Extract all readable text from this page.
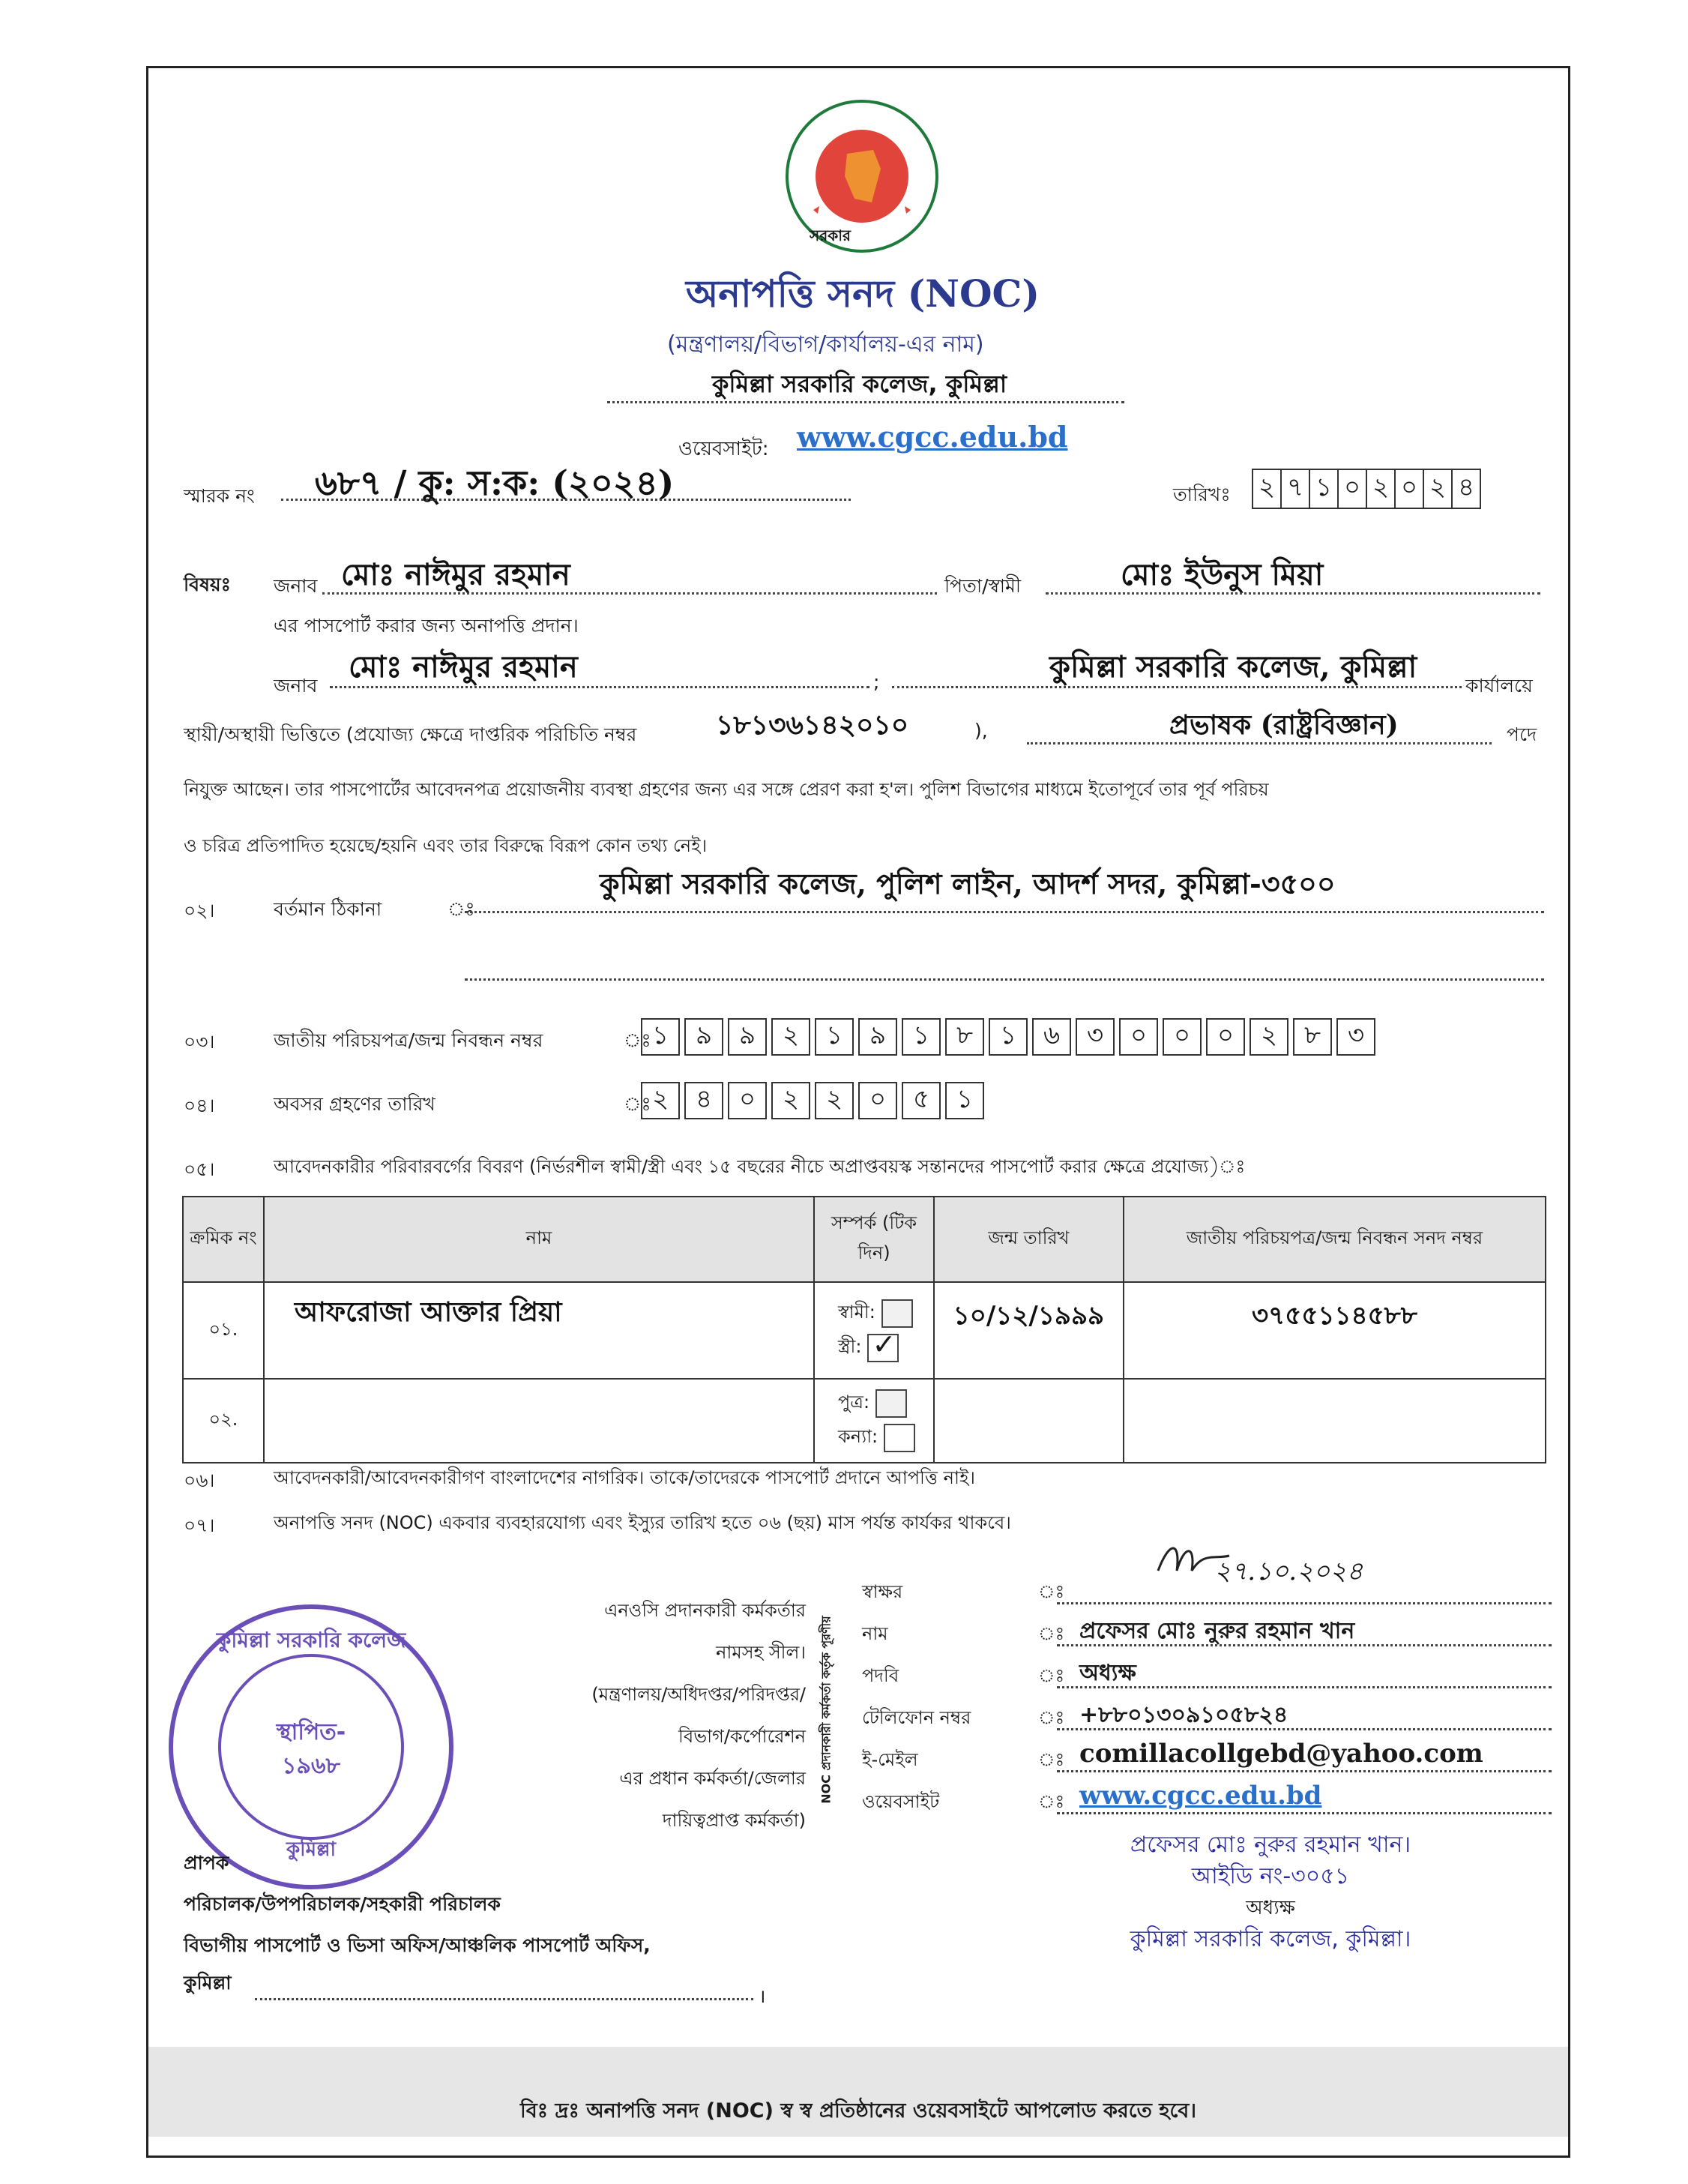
সরকার
অনাপত্তি সনদ (NOC)
(মন্ত্রণালয়/বিভাগ/কার্যালয়-এর নাম)
কুমিল্লা সরকারি কলেজ, কুমিল্লা
ওয়েবসাইট: www.cgcc.edu.bd
স্মারক নং ৬৮৭ / কু: স:ক: (২০২৪)	তারিখঃ ২ ৭ ১ ০ ২ ০ ২ ৪
বিষয়ঃ জনাব মোঃ নাঈমুর রহমান	পিতা/স্বামী	মোঃ ইউনুস মিয়া
এর পাসপোর্ট করার জন্য অনাপত্তি প্রদান।
জনাব
মোঃ নাঈমুর রহমান	;	কুমিল্লা সরকারি কলেজ, কুমিল্লা
কার্যালয়ে
স্থায়ী/অস্থায়ী ভিত্তিতে (প্রযোজ্য ক্ষেত্রে দাপ্তরিক পরিচিতি নম্বর	১৮১৩৬১৪২০১০	),	প্রভাষক (রাষ্ট্রবিজ্ঞান)	পদে
নিযুক্ত আছেন। তার পাসপোর্টের আবেদনপত্র প্রয়োজনীয় ব্যবস্থা গ্রহণের জন্য এর সঙ্গে প্রেরণ করা হ'ল। পুলিশ বিভাগের মাধ্যমে ইতোপূর্বে তার পূর্ব পরিচয়
ও চরিত্র প্রতিপাদিত হয়েছে/হয়নি এবং তার বিরুদ্ধে বিরূপ কোন তথ্য নেই।
০২।	বর্তমান ঠিকানা	ঃ
কুমিল্লা সরকারি কলেজ, পুলিশ লাইন, আদর্শ সদর, কুমিল্লা-৩৫০০
০৩।	জাতীয় পরিচয়পত্র/জন্ম নিবন্ধন নম্বর	ঃ ১	৯	৯	২	১	৯	১	৮	১	৬	৩	০	০	০	২	৮	৩
০৪।	অবসর গ্রহণের তারিখ	ঃ ২	৪	০	২	২	০	৫	১
০৫।	আবেদনকারীর পরিবারবর্গের বিবরণ (নির্ভরশীল স্বামী/স্ত্রী এবং ১৫ বছরের নীচে অপ্রাপ্তবয়স্ক সন্তানদের পাসপোর্ট করার ক্ষেত্রে প্রযোজ্য)ঃ
ক্রমিক নং	নাম	সম্পর্ক (টিক দিন)	জন্ম তারিখ	জাতীয় পরিচয়পত্র/জন্ম নিবন্ধন সনদ নম্বর
০১.	আফরোজা আক্তার প্রিয়া	স্বামী:
স্ত্রী: ✓	১০/১২/১৯৯৯	৩৭৫৫১১৪৫৮৮
০২.		পুত্র:
কন্যা:		

০৬।	আবেদনকারী/আবেদনকারীগণ বাংলাদেশের নাগরিক। তাকে/তাদেরকে পাসপোর্ট প্রদানে আপত্তি নাই।
০৭।	অনাপত্তি সনদ (NOC) একবার ব্যবহারযোগ্য এবং ইস্যুর তারিখ হতে ০৬ (ছয়) মাস পর্যন্ত কার্যকর থাকবে।
এনওসি প্রদানকারী কর্মকর্তার
নামসহ সীল।
(মন্ত্রণালয়/অধিদপ্তর/পরিদপ্তর/
বিভাগ/কর্পোরেশন
এর প্রধান কর্মকর্তা/জেলার
দায়িত্বপ্রাপ্ত কর্মকর্তা)
NOC প্রদানকারী কর্মকর্তা কর্তৃক পূরণীয়
স্বাক্ষর	ঃ
নাম	ঃ প্রফেসর মোঃ নুরুর রহমান খান
পদবি	ঃ অধ্যক্ষ
টেলিফোন নম্বর	ঃ +৮৮০১৩০৯১০৫৮২৪
ই-মেইল	ঃ comillacollgebd@yahoo.com
ওয়েবসাইট	ঃ www.cgcc.edu.bd
২৭.১০.২০২৪
কুমিল্লা সরকারি কলেজ
স্থাপিত-
১৯৬৮
কুমিল্লা	প্রফেসর মোঃ নুরুর রহমান খান।
আইডি নং-৩০৫১
অধ্যক্ষ
কুমিল্লা সরকারি কলেজ, কুমিল্লা।
প্রাপক
পরিচালক/উপপরিচালক/সহকারী পরিচালক
বিভাগীয় পাসপোর্ট ও ভিসা অফিস/আঞ্চলিক পাসপোর্ট অফিস,
কুমিল্লা
।
বিঃ দ্রঃ অনাপত্তি সনদ (NOC) স্ব স্ব প্রতিষ্ঠানের ওয়েবসাইটে আপলোড করতে হবে।
